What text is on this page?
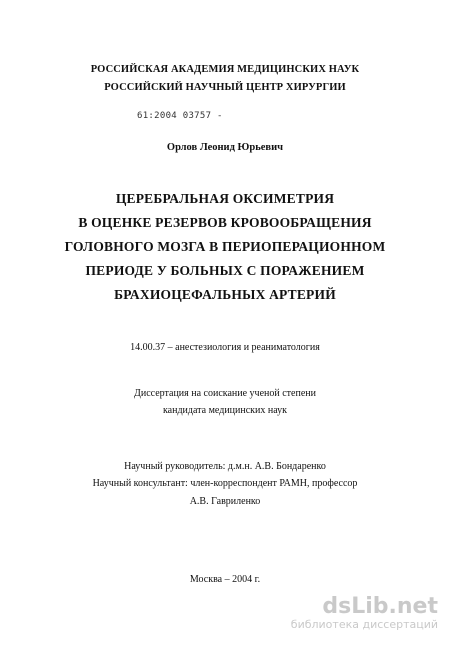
РОССИЙСКАЯ АКАДЕМИЯ МЕДИЦИНСКИХ НАУК
РОССИЙСКИЙ НАУЧНЫЙ ЦЕНТР ХИРУРГИИ
61:2004 03757 -
Орлов Леонид Юрьевич
ЦЕРЕБРАЛЬНАЯ ОКСИМЕТРИЯ
В ОЦЕНКЕ РЕЗЕРВОВ КРОВООБРАЩЕНИЯ
ГОЛОВНОГО МОЗГА В ПЕРИОПЕРАЦИОННОМ
ПЕРИОДЕ У БОЛЬНЫХ С ПОРАЖЕНИЕМ
БРАХИОЦЕФАЛЬНЫХ АРТЕРИЙ
14.00.37 – анестезиология и реаниматология
Диссертация на соискание ученой степени
кандидата медицинских наук
Научный руководитель: д.м.н. А.В. Бондаренко
Научный консультант: член-корреспондент РАМН, профессор
А.В. Гавриленко
Москва – 2004 г.
dsLib.net
библиотека диссертаций
